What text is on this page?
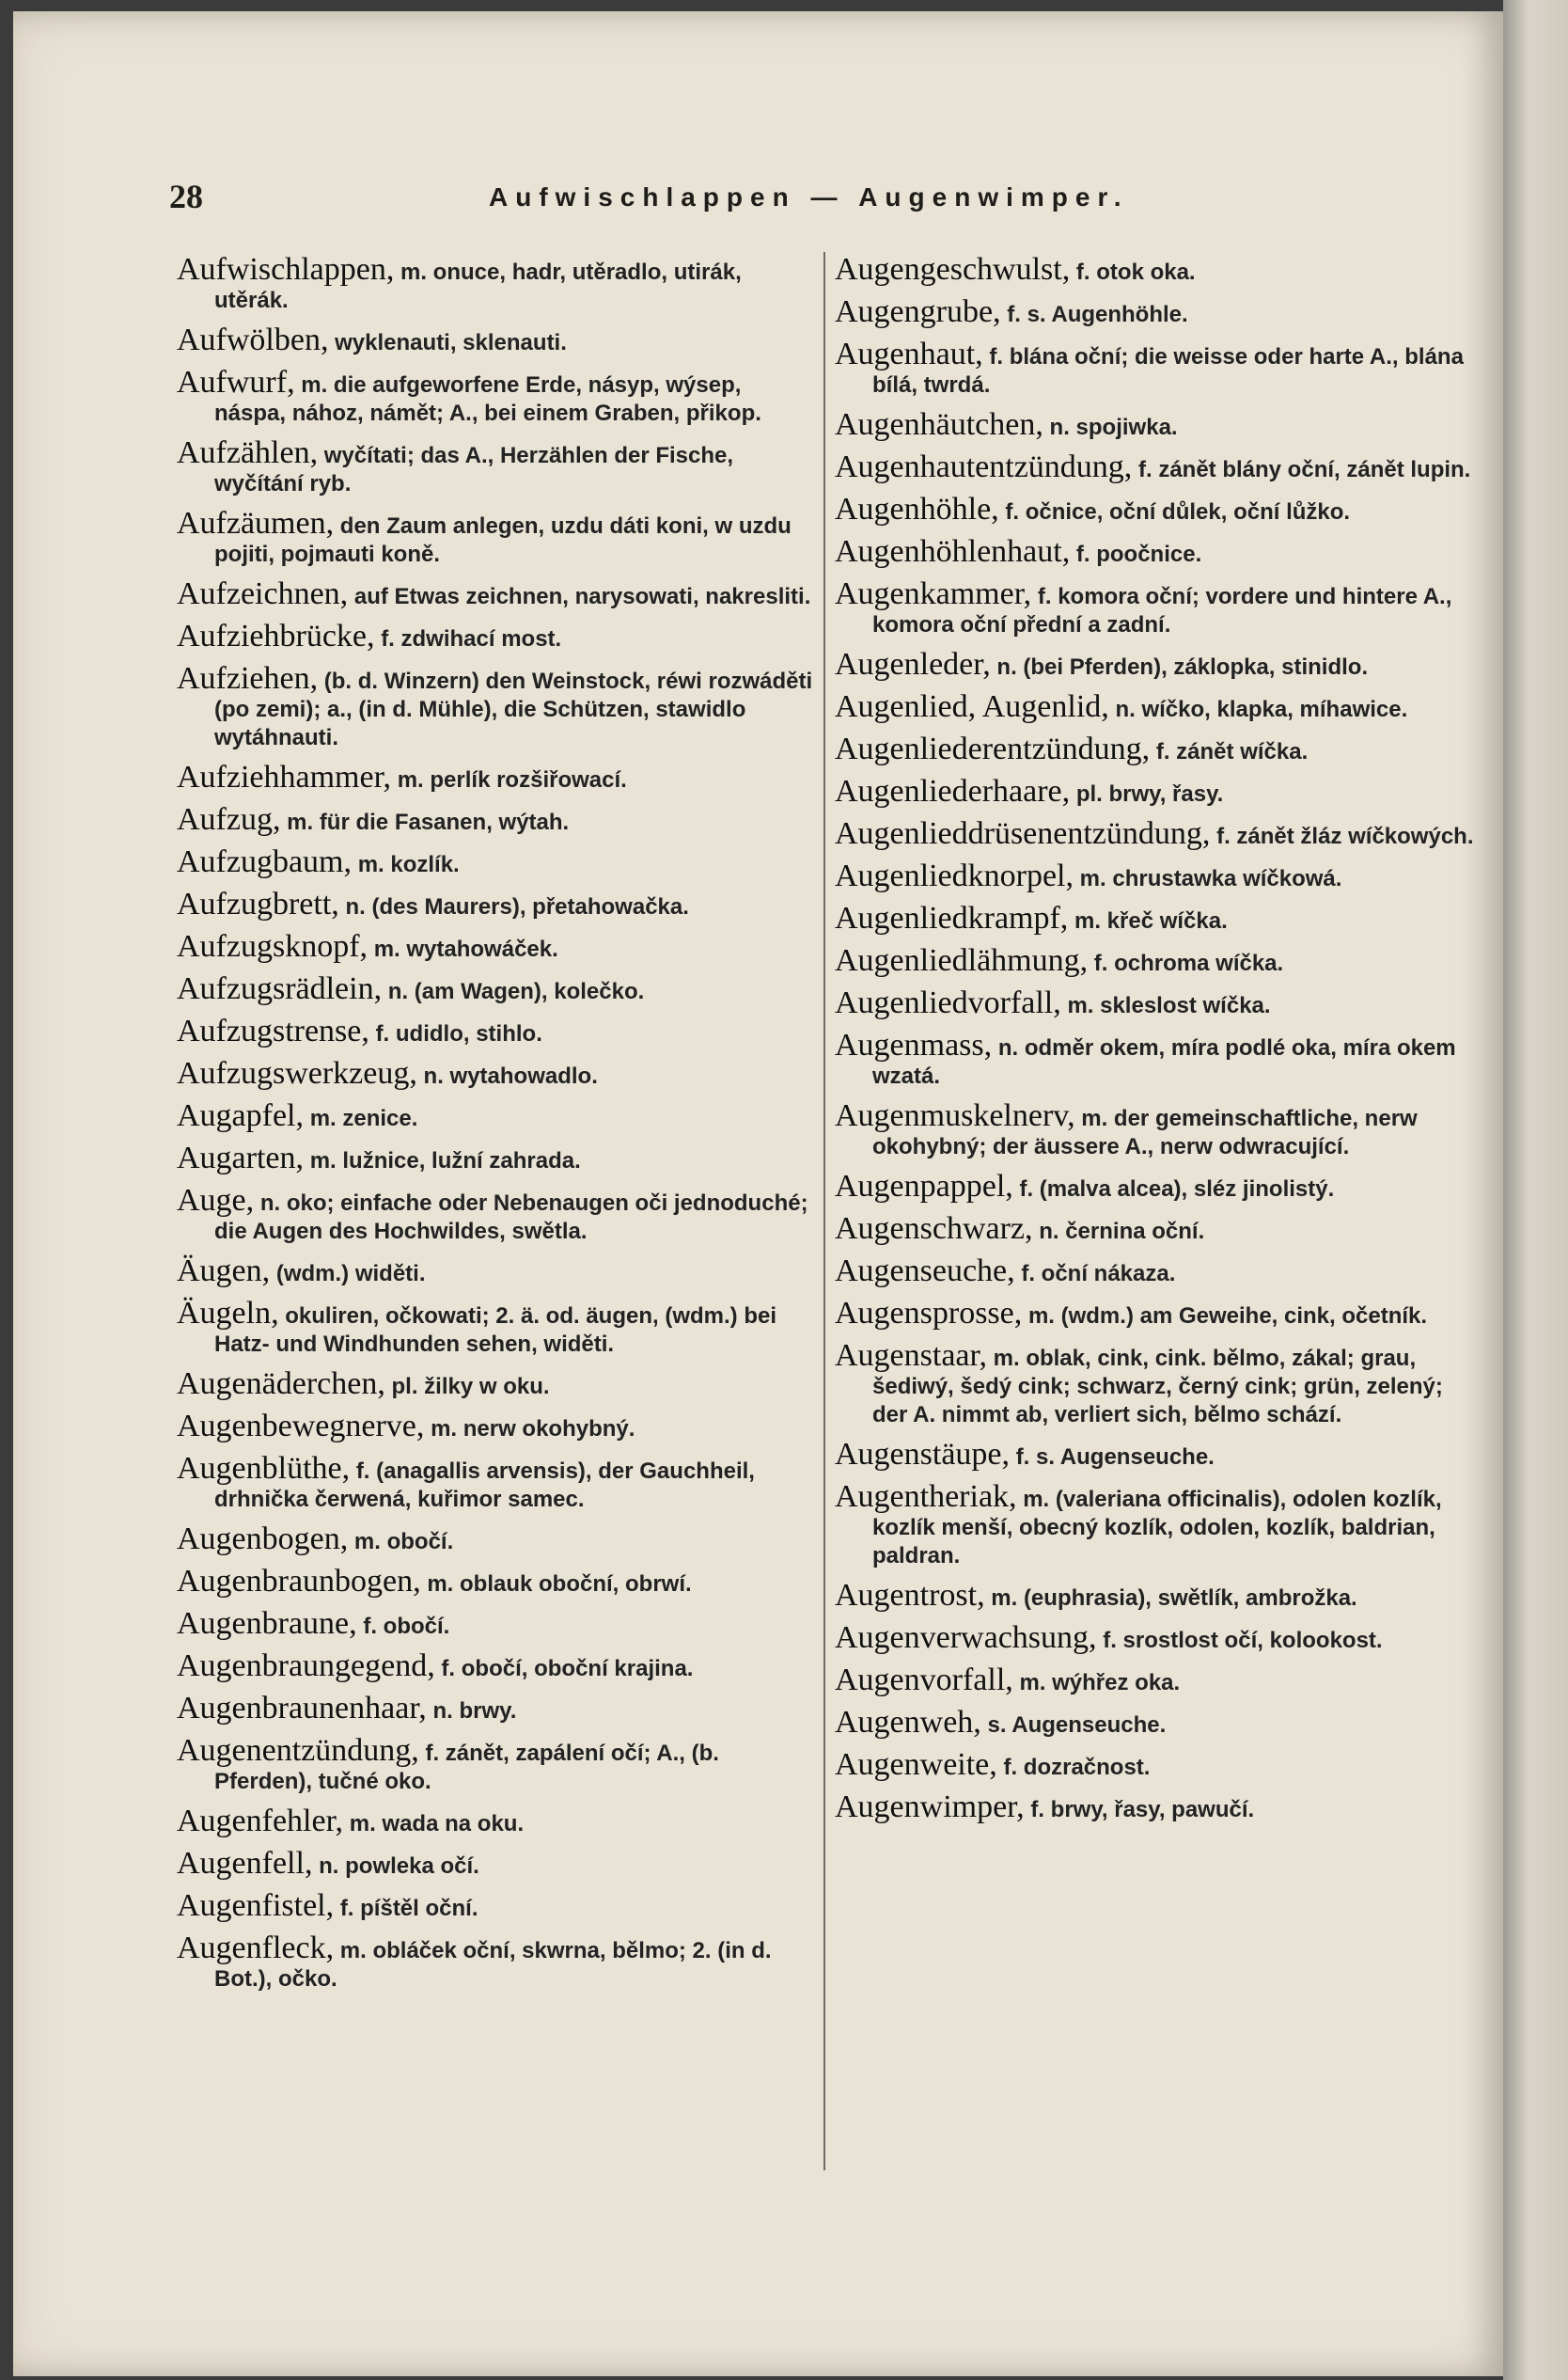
28	Aufwischlappen — Augenwimper.
Aufwischlappen, m. onuce, hadr, utěradlo, utirák, utěrák.
Aufwölben, wyklenauti, sklenauti.
Aufwurf, m. die aufgeworfene Erde, násyp, wýsep, náspa, nához, námět; A., bei einem Graben, přikop.
Aufzählen, wyčítati; das A., Herzählen der Fische, wyčítání ryb.
Aufzäumen, den Zaum anlegen, uzdu dáti koni, w uzdu pojiti, pojmauti koně.
Aufzeichnen, auf Etwas zeichnen, narysowati, nakresliti.
Aufziehbrücke, f. zdwihací most.
Aufziehen, (b. d. Winzern) den Weinstock, réwi rozwáděti (po zemi); a., (in d. Mühle), die Schützen, stawidlo wytáhnauti.
Aufziehhammer, m. perlík rozšiřowací.
Aufzug, m. für die Fasanen, wýtah.
Aufzugbaum, m. kozlík.
Aufzugbrett, n. (des Maurers), přetahowačka.
Aufzugsknopf, m. wytahowáček.
Aufzugsrädlein, n. (am Wagen), kolečko.
Aufzugstrense, f. udidlo, stihlo.
Aufzugswerkzeug, n. wytahowadlo.
Augapfel, m. zenice.
Augarten, m. lužnice, lužní zahrada.
Auge, n. oko; einfache oder Nebenaugen oči jednoduché; die Augen des Hochwildes, swětla.
Äugen, (wdm.) widěti.
Äugeln, okuliren, očkowati; 2. ä. od. äugen, (wdm.) bei Hatz- und Windhunden sehen, widěti.
Augenäderchen, pl. žilky w oku.
Augenbewegnerve, m. nerw okohybný.
Augenblüthe, f. (anagallis arvensis), der Gauchheil, drhnička čerwená, kuřimor samec.
Augenbogen, m. obočí.
Augenbraunbogen, m. oblauk oboční, obrwí.
Augenbraune, f. obočí.
Augenbraungegend, f. obočí, oboční krajina.
Augenbraunenhaar, n. brwy.
Augenentzündung, f. zánět, zapálení očí; A., (b. Pferden), tučné oko.
Augenfehler, m. wada na oku.
Augenfell, n. powleka očí.
Augenfistel, f. píštěl oční.
Augenfleck, m. obláček oční, skwrna, bělmo; 2. (in d. Bot.), očko.
Augengeschwulst, f. otok oka.
Augengrube, f. s. Augenhöhle.
Augenhaut, f. blána oční; die weisse oder harte A., blána bílá, twrdá.
Augenhäutchen, n. spojiwka.
Augenhautentzündung, f. zánět blány oční, zánět lupin.
Augenhöhle, f. očnice, oční důlek, oční lůžko.
Augenhöhlenhaut, f. poočnice.
Augenkammer, f. komora oční; vordere und hintere A., komora oční přední a zadní.
Augenleder, n. (bei Pferden), záklopka, stinidlo.
Augenlied, Augenlid, n. wíčko, klapka, míhawice.
Augenliederentzündung, f. zánět wíčka.
Augenliederhaare, pl. brwy, řasy.
Augenlieddrüsenentzündung, f. zánět žláz wíčkowých.
Augenliedknorpel, m. chrustawka wíčkowá.
Augenliedkrampf, m. křeč wíčka.
Augenliedlähmung, f. ochroma wíčka.
Augenliedvorfall, m. skleslost wíčka.
Augenmass, n. odměr okem, míra podlé oka, míra okem wzatá.
Augenmuskelnerv, m. der gemeinschaftliche, nerw okohybný; der äussere A., nerw odwracující.
Augenpappel, f. (malva alcea), sléz jinolistý.
Augenschwarz, n. černina oční.
Augenseuche, f. oční nákaza.
Augensprosse, m. (wdm.) am Geweihe, cink, očetník.
Augenstaar, m. oblak, cink, cink. bělmo, zákal; grau, šediwý, šedý cink; schwarz, černý cink; grün, zelený; der A. nimmt ab, verliert sich, bělmo schází.
Augenstäupe, f. s. Augenseuche.
Augentheriak, m. (valeriana officinalis), odolen kozlík, kozlík menší, obecný kozlík, odolen, kozlík, baldrian, paldran.
Augentrost, m. (euphrasia), swětlík, ambrožka.
Augenverwachsung, f. srostlost očí, kolookost.
Augenvorfall, m. wýhřez oka.
Augenweh, s. Augenseuche.
Augenweite, f. dozračnost.
Augenwimper, f. brwy, řasy, pawučí.
